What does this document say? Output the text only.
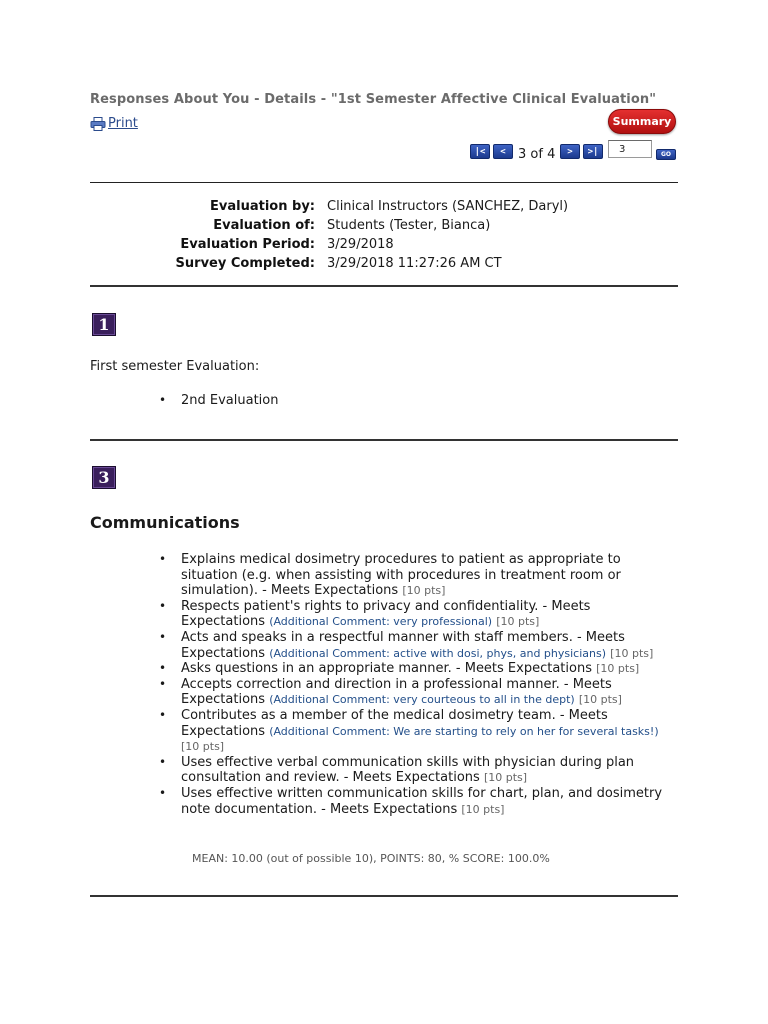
Responses About You - Details - "1st Semester Affective Clinical Evaluation"
Print	Summary
|<	< 3 of 4	>	>|
3	GO
Evaluation by: Clinical Instructors (SANCHEZ, Daryl)
Evaluation of: Students (Tester, Bianca)
Evaluation Period: 3/29/2018
Survey Completed: 3/29/2018 11:27:26 AM CT
1
First semester Evaluation:
• 2nd Evaluation
3
Communications
• Explains medical dosimetry procedures to patient as appropriate to situation (e.g. when assisting with procedures in treatment room or simulation). - Meets Expectations [10 pts]
• Respects patient's rights to privacy and confidentiality. - Meets Expectations (Additional Comment: very professional) [10 pts]
• Acts and speaks in a respectful manner with staff members. - Meets Expectations (Additional Comment: active with dosi, phys, and physicians) [10 pts]
• Asks questions in an appropriate manner. - Meets Expectations [10 pts]
• Accepts correction and direction in a professional manner. - Meets Expectations (Additional Comment: very courteous to all in the dept) [10 pts]
• Contributes as a member of the medical dosimetry team. - Meets Expectations (Additional Comment: We are starting to rely on her for several tasks!) [10 pts]
• Uses effective verbal communication skills with physician during plan consultation and review. - Meets Expectations [10 pts]
• Uses effective written communication skills for chart, plan, and dosimetry note documentation. - Meets Expectations [10 pts]
MEAN: 10.00 (out of possible 10), POINTS: 80, % SCORE: 100.0%
